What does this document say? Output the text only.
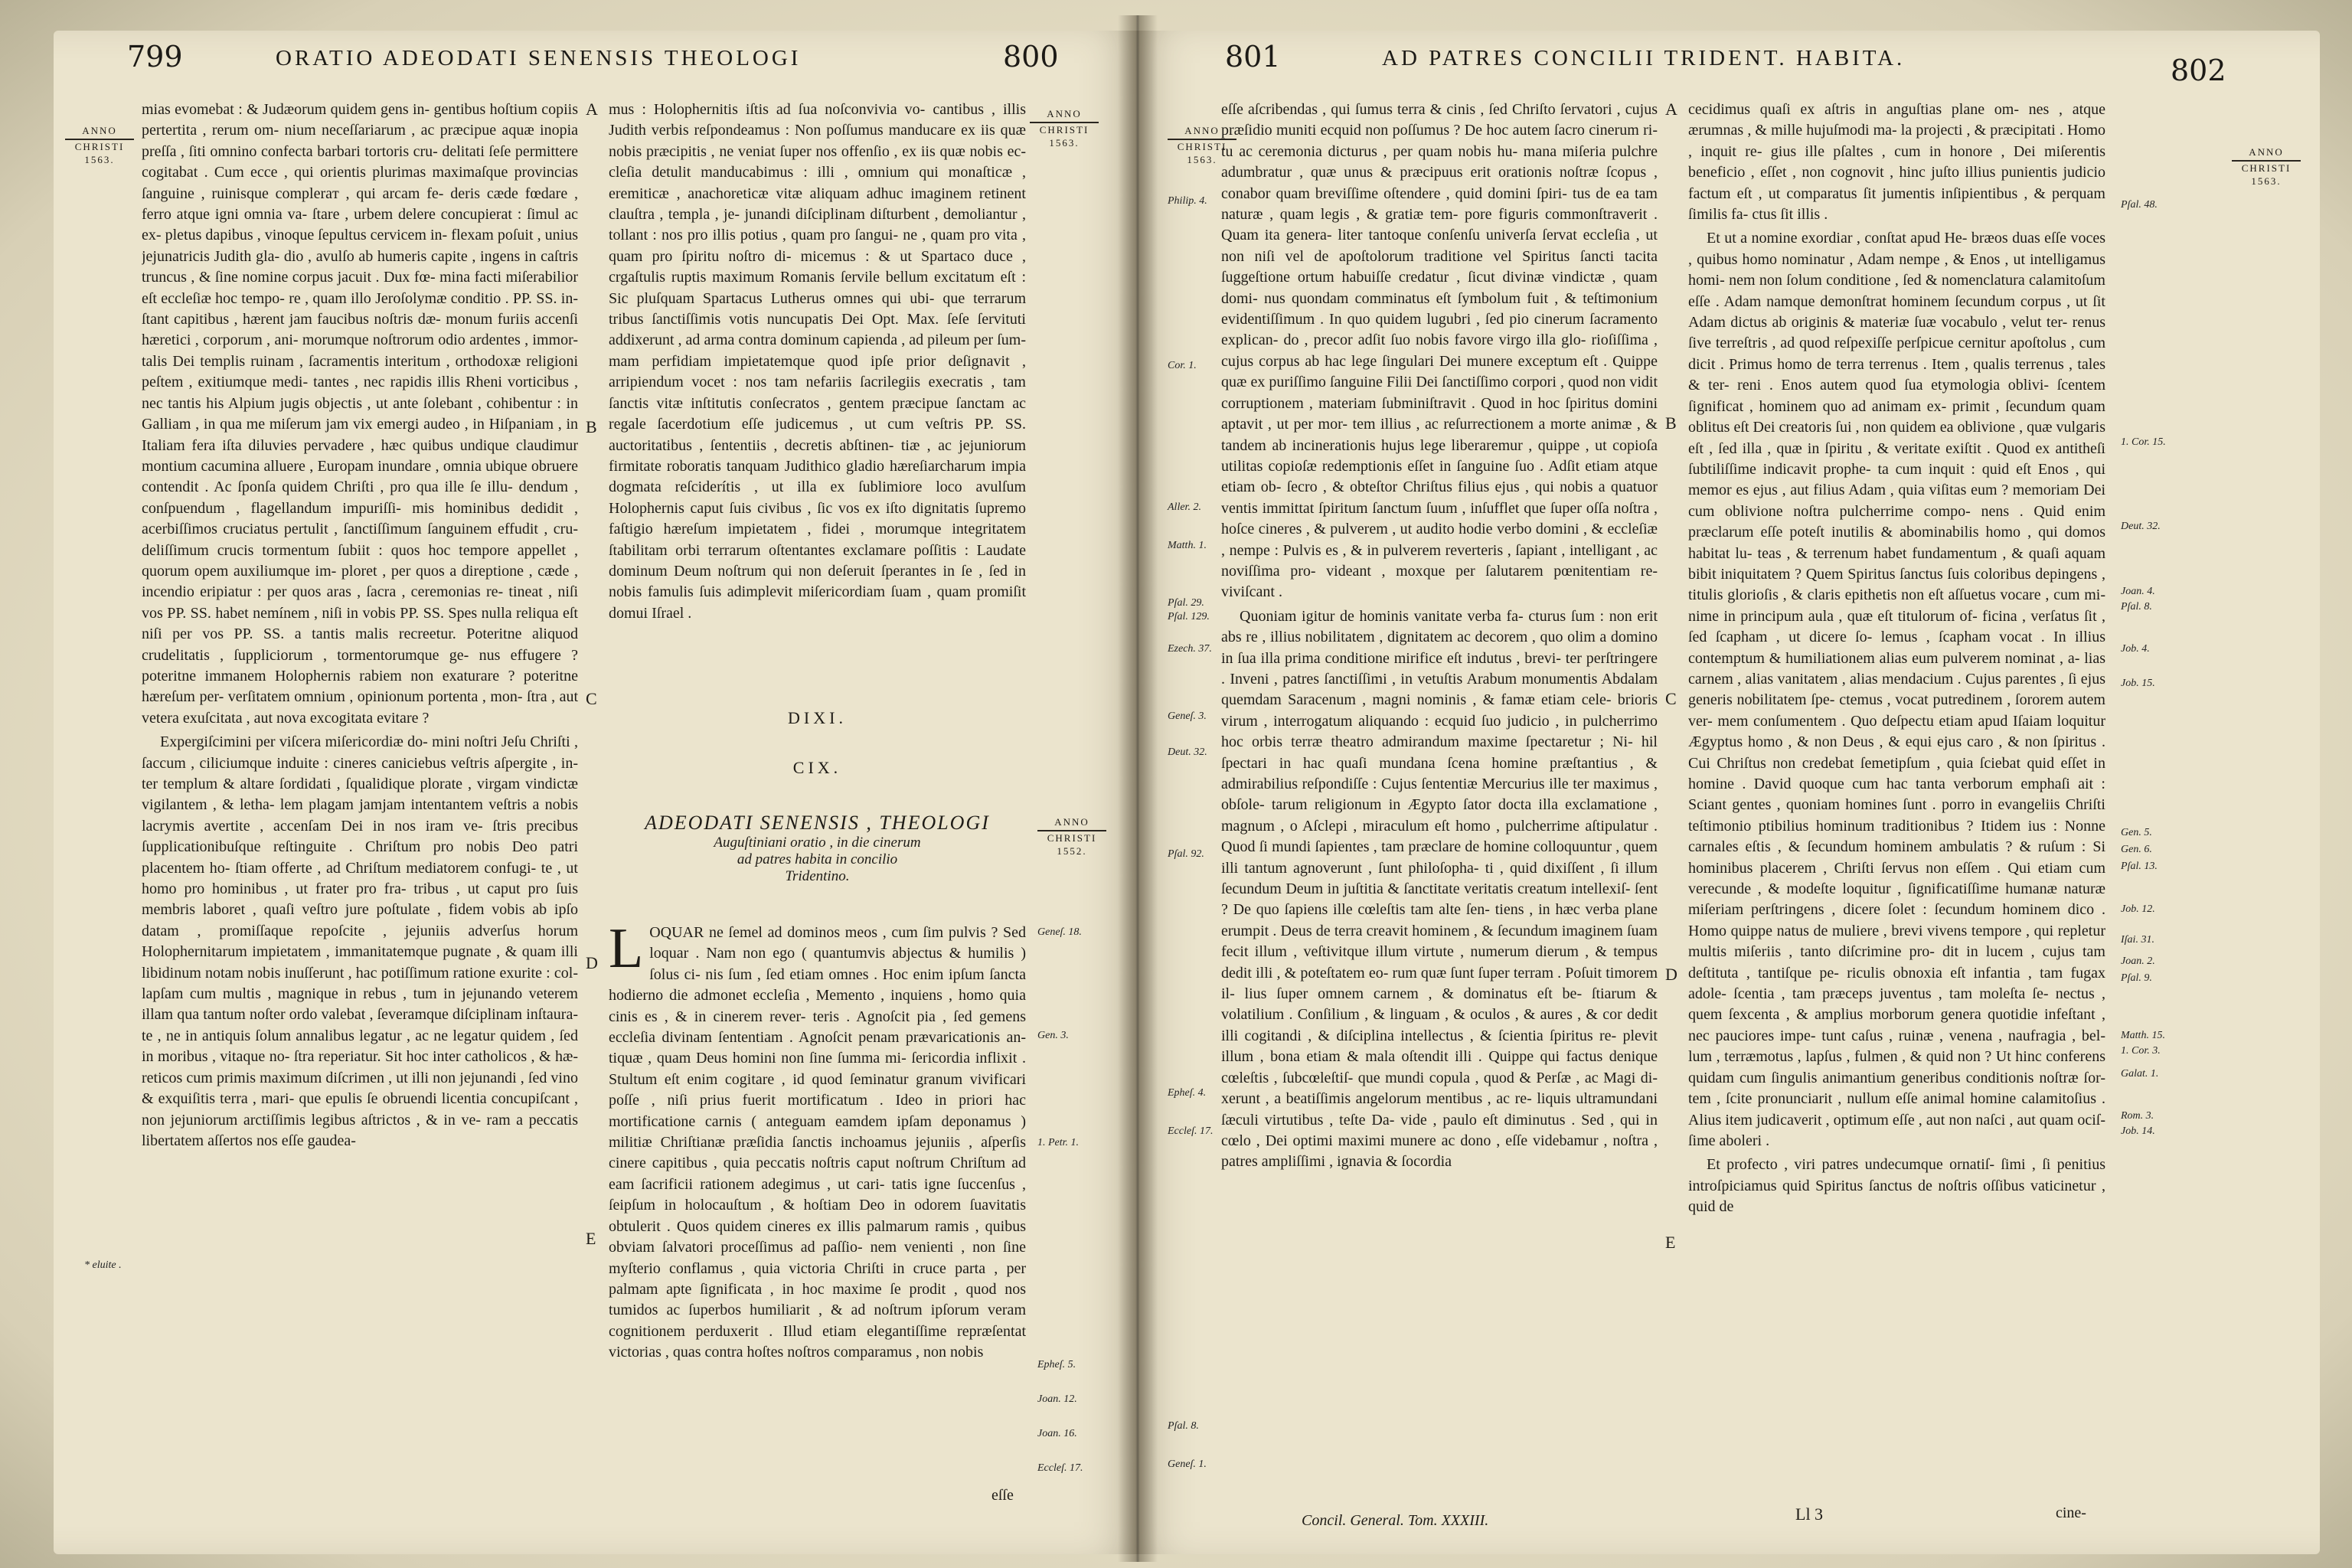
799	ORATIO ADEODATI SENENSIS THEOLOGI	800
ANNO
CHRISTI
1563.
ANNO
CHRISTI
1563.

mias evomebat : & Judæorum quidem gens in- gentibus hoſtium copiis pertertita , rerum om- nium neceſſariarum , ac præcipue aquæ inopia preſſa , ſiti omnino confecta barbari tortoris cru- delitati ſeſe permittere cogitabat . Cum ecce , qui orientis plurimas maximaſque provincias ſanguine , ruinisque compleraт , qui arcam fe- deris cæde fœdare , ferro atque igni omnia va- ſtare , urbem delere concupierat : ſimul ac ex- pletus dapibus , vinoque ſepultus cervicem in- flexam poſuit , unius jejunatricis Judith gla- dio , avulſo ab humeris capite , ingens in caſtris truncus , & ſine nomine corpus jacuit . Dux fœ- mina facti miſerabilior eſt eccleſiæ hoc tempo- re , quam illo Jeroſolymæ conditio . PP. SS. in- ſtant capitibus , hærent jam faucibus noſtris dæ- monum furiis accenſi hæretici , corporum , ani- morumque noſtrorum odio ardentes , immor- talis Dei templis ruinam , ſacramentis interitum , orthodoxæ religioni peſtem , exitiumque medi- tantes , nec rapidis illis Rheni vorticibus , nec tantis his Alpium jugis objectis , ut ante ſolebant , cohibentur : in Galliam , in qua me miſerum jam vix emergi audeo , in Hiſpaniam , in Italiam fera iſta diluvies pervadere , hæc quibus undique claudimur montium cacumina alluere , Europam inundare , omnia ubique obruere contendit . Ac ſponſa quidem Chriſti , pro qua ille ſe illu- dendum , conſpuendum , flagellandum impuriſſi- mis hominibus dedidit , acerbiſſimos cruciatus pertulit , ſanctiſſimum ſanguinem effudit , cru- deliſſimum crucis tormentum ſubiit : quos hoc tempore appellet , quorum opem auxiliumque im- ploret , per quos a direptione , cæde , incendio eripiatur : per quos aras , ſacra , ceremonias re- tineat , niſi vos PP. SS. habet nemínem , niſi in vobis PP. SS. Spes nulla reliqua eſt niſi per vos PP. SS. a tantis malis recreetur. Poteritne aliquod crudelitatis , ſuppliciorum , tormentorumque ge- nus effugere ? poteritne immanem Holophernis rabiem non exaturare ? poteritne hæreſum per- verſitatem omnium , opinionum portenta , mon- ſtra , aut vetera exuſcitata , aut nova excogitata evitare ?

Expergiſcimini per viſcera miſericordiæ do- mini noſtri Jeſu Chriſti , ſaccum , ciliciumque induite : cineres caniciebus veſtris aſpergite , in- ter templum & altare ſordidati , ſqualidique plorate , virgam vindictæ vigilantem , & letha- lem plagam jamjam intentantem veſtris a nobis lacrymis avertite , accenſam Dei in nos iram ve- ſtris precibus ſupplicationibuſque reſtinguite . Chriſtum pro nobis Deo patri placentem ho- ſtiam offerte , ad Chriſtum mediatorem confugi- te , ut homo pro hominibus , ut frater pro fra- tribus , ut caput pro ſuis membris laboret , quaſi veſtro jure poſtulate , fidem vobis ab ipſo datam , promiſſaque repoſcite , jejuniis adverſus horum Holophernitarum impietatem , immanitatemque pugnate , & quam illi libidinum notam nobis inuſſerunt , hac potiſſimum ratione exurite : col- lapſam cum multis , magnique in rebus , tum in jejunando veterem illam qua tantum noſter ordo valebat , ſeveramque diſciplinam inſtaura- te , ne in antiquis ſolum annalibus legatur , ac ne legatur quidem , ſed in moribus , vitaque no- ſtra reperiatur. Sit hoc inter catholicos , & hæ- reticos cum primis maximum diſcrimen , ut illi non jejunandi , ſed vino & exquiſitis terra , mari- que epulis ſe obruendi licentia concupiſcant , non jejuniorum arctiſſimis legibus aſtrictos , & in ve- ram a peccatis libertatem aſſertos nos eſſe gaudea-

* eluite .
A
B
C
D
E

mus : Holophernitis iſtis ad ſua noſconvivia vo- cantibus , illis Judith verbis reſpondeamus : Non poſſumus manducare ex iis quæ nobis præcipitis , ne veniat ſuper nos offenſio , ex iis quæ nobis ec- cleſia detulit manducabimus : illi , omnium qui monaſticæ , eremiticæ , anachoreticæ vitæ aliquam adhuc imaginem retinent clauſtra , templa , je- junandi diſciplinam diſturbent , demoliantur , tollant : nos pro illis potius , quam pro ſangui- ne , quam pro vita , quam pro ſpiritu noſtro di- micemus : & ut Spartaco duce , crgaſtulis ruptis maximum Romanis ſervile bellum excitatum eſt : Sic pluſquam Spartacus Lutherus omnes qui ubi- que terrarum tribus ſanctiſſimis votis nuncupatis Dei Opt. Max. ſeſe ſervituti addixerunt , ad arma contra dominum capienda , ad pileum per ſum- mam perfidiam impietatemque quod ipſe prior deſignavit , arripiendum vocet : nos tam nefariis ſacrilegiis execratis , tam ſanctis vitæ inſtitutis conſecratos , gentem præcipue ſanctam ac regale ſacerdotium eſſe judicemus , ut cum veſtris PP. SS. auctoritatibus , ſententiis , decretis abſtinen- tiæ , ac jejuniorum firmitate roboratis tanquam Judithico gladio hæreſiarcharum impia dogmata reſciderítis , ut illa ex ſublimiore loco avulſum Holophernis caput ſuis civibus , ſic vos ex iſto dignitatis ſupremo faſtigio hæreſum impietatem , fidei , morumque integritatem ſtabilitam orbi terrarum oſtentantes exclamare poſſitis : Laudate dominum Deum noſtrum qui non deſeruit ſperantes in ſe , ſed in nobis famulis ſuis adimplevit miſericordiam ſuam , quam promiſit domui Iſrael .

DIXI.
CIX.
ADEODATI SENENSIS , THEOLOGI
Auguſtiniani oratio , in die cinerum
ad patres habita in concilio
Tridentino.
ANNO
CHRISTI
1552.
L OQUAR ne ſemel ad dominos meos , cum ſim pulvis ? Sed loquar . Nam non ego ( quantumvis abjectus & humilis ) ſolus ci- nis ſum , ſed etiam omnes . Hoc enim ipſum ſancta hodierno die admonet eccleſia , Memento , inquiens , homo quia cinis es , & in cinerem rever- teris . Agnoſcit pia , ſed gemens eccleſia divinam ſententiam . Agnoſcit penam prævaricationis an- tiquæ , quam Deus homini non ſine ſumma mi- ſericordia inflixit . Stultum eſt enim cogitare , id quod ſeminatur granum vivificari poſſe , niſi prius fuerit mortificatum . Ideo in priori hac mortificatione carnis ( anteguam eamdem ipſam deponamus ) militiæ Chriſtianæ præſidia ſanctis inchoamus jejuniis , aſperſis cinere capitibus , quia peccatis noſtris caput noſtrum Chriſtum ad eam ſacrificii rationem adegimus , ut cari- tatis igne ſuccenſus , ſeipſum in holocauſtum , & hoſtiam Deo in odorem ſuavitatis obtulerit . Quos quidem cineres ex illis palmarum ramis , quibus obviam ſalvatori proceſſimus ad paſſio- nem venienti , non ſine myſterio conflamus , quia victoria Chriſti in cruce parta , per palmam apte ſignificata , in hoc maxime ſe prodit , quod nos tumidos ac ſuperbos humiliarit , & ad noſtrum ipſorum veram cognitionem perduxerit . Illud etiam elegantiſſime repræſentat victorias , quas contra hoſtes noſtros comparamus , non nobis

eſſe
Geneſ. 18.
Gen. 3.
1. Petr. 1.
Epheſ. 5.
Joan. 12.
Joan. 16.
Eccleſ. 17.
801	AD PATRES CONCILII TRIDENT. HABITA.	802
ANNO
CHRISTI
1563.
ANNO
CHRISTI
1563.
Philip. 4.
Cor. 1.
Aller. 2.
Matth. 1.
Pſal. 29.
Pſal. 129.
Ezech. 37.
Geneſ. 3.
Deut. 32.
Pſal. 92.
Epheſ. 4.
Eccleſ. 17.
Pſal. 8.
Geneſ. 1.

eſſe aſcribendas , qui ſumus terra & cinis , ſed Chriſto ſervatori , cujus præſidio muniti ecquid non poſſumus ? De hoc autem ſacro cinerum ri- tu ac ceremonia dicturus , per quam nobis hu- mana miſeria pulchre adumbratur , quæ unus & præcipuus erit orationis noſtræ ſcopus , conabor quam breviſſime oſtendere , quid domini ſpiri- tus de ea tam naturæ , quam legis , & gratiæ tem- pore figuris commonſtraverit . Quam ita genera- liter tantoque conſenſu univerſa ſervat eccleſia , ut non niſi vel de apoſtolorum traditione vel Spiritus ſancti tacita ſuggeſtione ortum habuiſſe credatur , ſicut divinæ vindictæ , quam domi- nus quondam comminatus eſt ſymbolum fuit , & teſtimonium evidentiſſimum . In quo quidem lugubri , ſed pio cinerum ſacramento explican- do , precor adſit ſuo nobis favore virgo illa glo- rioſiſſima , cujus corpus ab hac lege ſingulari Dei munere exceptum eſt . Quippe quæ ex puriſſimo ſanguine Filii Dei ſanctiſſimo corpori , quod non vidit corruptionem , materiam ſubminiſtravit . Quod in hoc ſpiritus domini aptavit , ut per mor- tem illius , ac reſurrectionem a morte animæ , & tandem ab incinerationis hujus lege liberaremur , quippe , ut copioſa utilitas copioſæ redemptionis eſſet in ſanguine ſuo . Adſit etiam atque etiam ob- ſecro , & obteſtor Chriſtus filius ejus , qui nobis a quatuor ventis immittat ſpiritum ſanctum ſuum , inſufflet que ſuper oſſa noſtra , hoſce cineres , & pulverem , ut audito hodie verbo domini , & eccleſiæ , nempe : Pulvis es , & in pulverem reverteris , ſapiant , intelligant , ac noviſſima pro- videant , moxque per ſalutarem pœnitentiam re- viviſcant .

Quoniam igitur de hominis vanitate verba fa- cturus ſum : non erit abs re , illius nobilitatem , dignitatem ac decorem , quo olim a domino in ſua illa prima conditione mirifice eſt indutus , brevi- ter perſtringere . Inveni , patres ſanctiſſimi , in vetuſtis Arabum monumentis Abdalam quemdam Saracenum , magni nominis , & famæ etiam cele- brioris virum , interrogatum aliquando : ecquid ſuo judicio , in pulcherrimo hoc orbis terræ theatro admirandum maxime ſpectaretur ; Ni- hil ſpectari in hac quaſi mundana ſcena homine præſtantius , & admirabilius reſpondiſſe : Cujus ſententiæ Mercurius ille ter maximus , obſole- tarum religionum in Ægypto ſator docta illa exclamatione , magnum , o Aſclepi , miraculum eſt homo , pulcherrime aſtipulatur . Quod ſi mundi ſapientes , tam præclare de homine colloquuntur , quem illi tantum agnoverunt , ſunt philoſopha- ti , quid dixiſſent , ſi illum ſecundum Deum in juſtitia & ſanctitate veritatis creatum intellexiſ- ſent ? De quo ſapiens ille cœleſtis tam alte ſen- tiens , in hæc verba plane erumpit . Deus de terra creavit hominem , & ſecundum imaginem ſuam fecit illum , veſtivitque illum virtute , numerum dierum , & tempus dedit illi , & poteſtatem eo- rum quæ ſunt ſuper terram . Poſuit timorem il- lius ſuper omnem carnem , & dominatus eſt be- ſtiarum & volatilium . Conſilium , & linguam , & oculos , & aures , & cor dedit illi cogitandi , & diſciplina intellectus , & ſcientia ſpiritus re- plevit illum , bona etiam & mala oſtendit illi . Quippe qui factus denique cœleſtis , ſubcœleſtiſ- que mundi copula , quod & Perſæ , ac Magi di- xerunt , a beatiſſimis angelorum mentibus , ac re- liquis ultramundani ſæculi virtutibus , teſte Da- vide , paulo eſt diminutus . Sed , qui in cœlo , Dei optimi maximi munere ac dono , eſſe videbamur , noſtra , patres ampliſſimi , ignavia & ſocordia

A
B
C
D
E

cecidimus quaſi ex aſtris in anguſtias plane om- nes , atque ærumnas , & mille hujuſmodi ma- la projecti , & præcipitati . Homo , inquit re- gius ille pſaltes , cum in honore , Dei miſerentis beneficio , eſſet , non cognovit , hinc juſto illius punientis judicio factum eſt , ut comparatus ſit jumentis inſipientibus , & perquam ſimilis fa- ctus ſit illis .

Et ut a nomine exordiar , conſtat apud He- bræos duas eſſe voces , quibus homo nominatur , Adam nempe , & Enos , ut intelligamus homi- nem non ſolum conditione , ſed & nomenclatura calamitoſum eſſe . Adam namque demonſtrat hominem ſecundum corpus , ut ſit Adam dictus ab originis & materiæ ſuæ vocabulo , velut ter- renus ſive terreſtris , ad quod reſpexiſſe perſpicue cernitur apoſtolus , cum dicit . Primus homo de terra terrenus . Item , qualis terrenus , tales & ter- reni . Enos autem quod ſua etymologia oblivi- ſcentem ſignificat , hominem quo ad animam ex- primit , ſecundum quam oblitus eſt Dei creatoris ſui , non quidem ea oblivione , quæ vulgaris eſt , ſed illa , quæ in ſpiritu , & veritate exiſtit . Quod ex antitheſi ſubtiliſſime indicavit prophe- ta cum inquit : quid eſt Enos , qui memor es ejus , aut filius Adam , quia viſitas eum ? memoriam Dei cum oblivione noſtra pulcherrime compo- nens . Quid enim præclarum eſſe poteſt inutilis & abominabilis homo , qui domos habitat lu- teas , & terrenum habet fundamentum , & quaſi aquam bibit iniquitatem ? Quem Spiritus ſanctus ſuis coloribus depingens , titulis glorioſis , & claris epithetis non eſt aſſuetus vocare , cum mi- nime in principum aula , quæ eſt titulorum of- ficina , verſatus ſit , ſed ſcapham , ut dicere ſo- lemus , ſcapham vocat . In illius contemptum & humiliationem alias eum pulverem nominat , a- lias carnem , alias vanitatem , alias mendacium . Cujus parentes , ſi ejus generis nobilitatem ſpe- ctemus , vocat putredinem , ſororem autem ver- mem conſumentem . Quo deſpectu etiam apud Iſaiam loquitur Ægyptus homo , & non Deus , & equi ejus caro , & non ſpiritus . Cui Chriſtus non credebat ſemetipſum , quia ſciebat quid eſſet in homine . David quoque cum hac tanta verborum emphaſi ait : Sciant gentes , quoniam homines ſunt . porro in evangeliis Chriſti teſtimonio ptibilius hominum traditionibus ? Itidem ius : Nonne carnales eſtis , & ſecundum hominem ambulatis ? & ruſum : Si hominibus placerem , Chriſti ſervus non eſſem . Qui etiam cum verecunde , & modeſte loquitur , ſignificatiſſime humanæ naturæ miſeriam perſtringens , dicere ſolet : ſecundum hominem dico . Homo quippe natus de muliere , brevi vivens tempore , qui repletur multis miſeriis , tanto diſcrimine pro- dit in lucem , cujus tam deſtituta , tantiſque pe- riculis obnoxia eſt infantia , tam fugax adole- ſcentia , tam præceps juventus , tam moleſta ſe- nectus , quem ſexcenta , & amplius morborum genera quotidie infeſtant , nec pauciores impe- tunt caſus , ruinæ , venena , naufragia , bel- lum , terræmotus , lapſus , fulmen , & quid non ? Ut hinc conferens quidam cum ſingulis animantium generibus conditionis noſtræ ſor- tem , ſcite pronunciarit , nullum eſſe animal homine calamitoſius . Alius item judicaverit , optimum eſſe , aut non naſci , aut quam ociſ- ſime aboleri .

Et profecto , viri patres undecumque ornatiſ- ſimi , ſi penitius introſpiciamus quid Spiritus ſanctus de noſtris oſſibus vaticinetur , quid de

Pſal. 48.
1. Cor. 15.
Deut. 32.
Joan. 4.
Pſal. 8.
Job. 4.
Job. 15.
Gen. 5.
Gen. 6.
Pſal. 13.
Job. 12.
Iſai. 31.
Joan. 2.
Pſal. 9.
Matth. 15.
1. Cor. 3.
Galat. 1.
Rom. 3.
Job. 14.
Concil. General. Tom. XXXIII.	Ll 3	cine-
